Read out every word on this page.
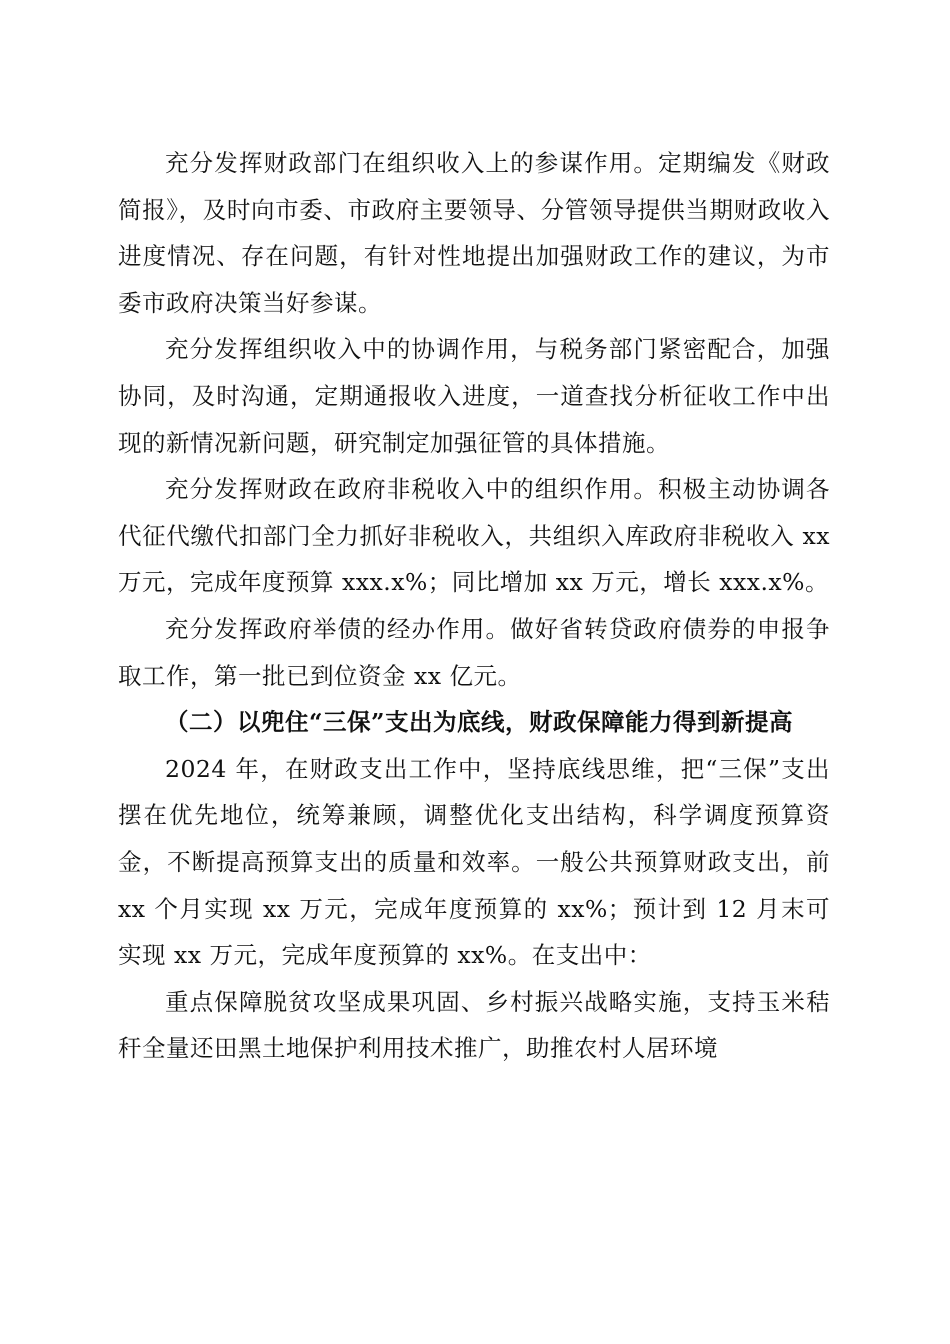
充分发挥财政部门在组织收入上的参谋作用。定期编发《财政简报》，及时向市委、市政府主要领导、分管领导提供当期财政收入进度情况、存在问题，有针对性地提出加强财政工作的建议，为市委市政府决策当好参谋。

充分发挥组织收入中的协调作用，与税务部门紧密配合，加强协同，及时沟通，定期通报收入进度，一道查找分析征收工作中出现的新情况新问题，研究制定加强征管的具体措施。

充分发挥财政在政府非税收入中的组织作用。积极主动协调各代征代缴代扣部门全力抓好非税收入，共组织入库政府非税收入 xx 万元，完成年度预算 xxx.x%；同比增加 xx 万元，增长 xxx.x%。

充分发挥政府举债的经办作用。做好省转贷政府债券的申报争取工作，第一批已到位资金 xx 亿元。

（二）以兜住“三保”支出为底线，财政保障能力得到新提高

2024 年，在财政支出工作中，坚持底线思维，把“三保”支出摆在优先地位，统筹兼顾，调整优化支出结构，科学调度预算资金，不断提高预算支出的质量和效率。一般公共预算财政支出，前 xx 个月实现 xx 万元，完成年度预算的 xx%；预计到 12 月末可实现 xx 万元，完成年度预算的 xx%。在支出中：

重点保障脱贫攻坚成果巩固、乡村振兴战略实施，支持玉米秸秆全量还田黑土地保护利用技术推广，助推农村人居环境
